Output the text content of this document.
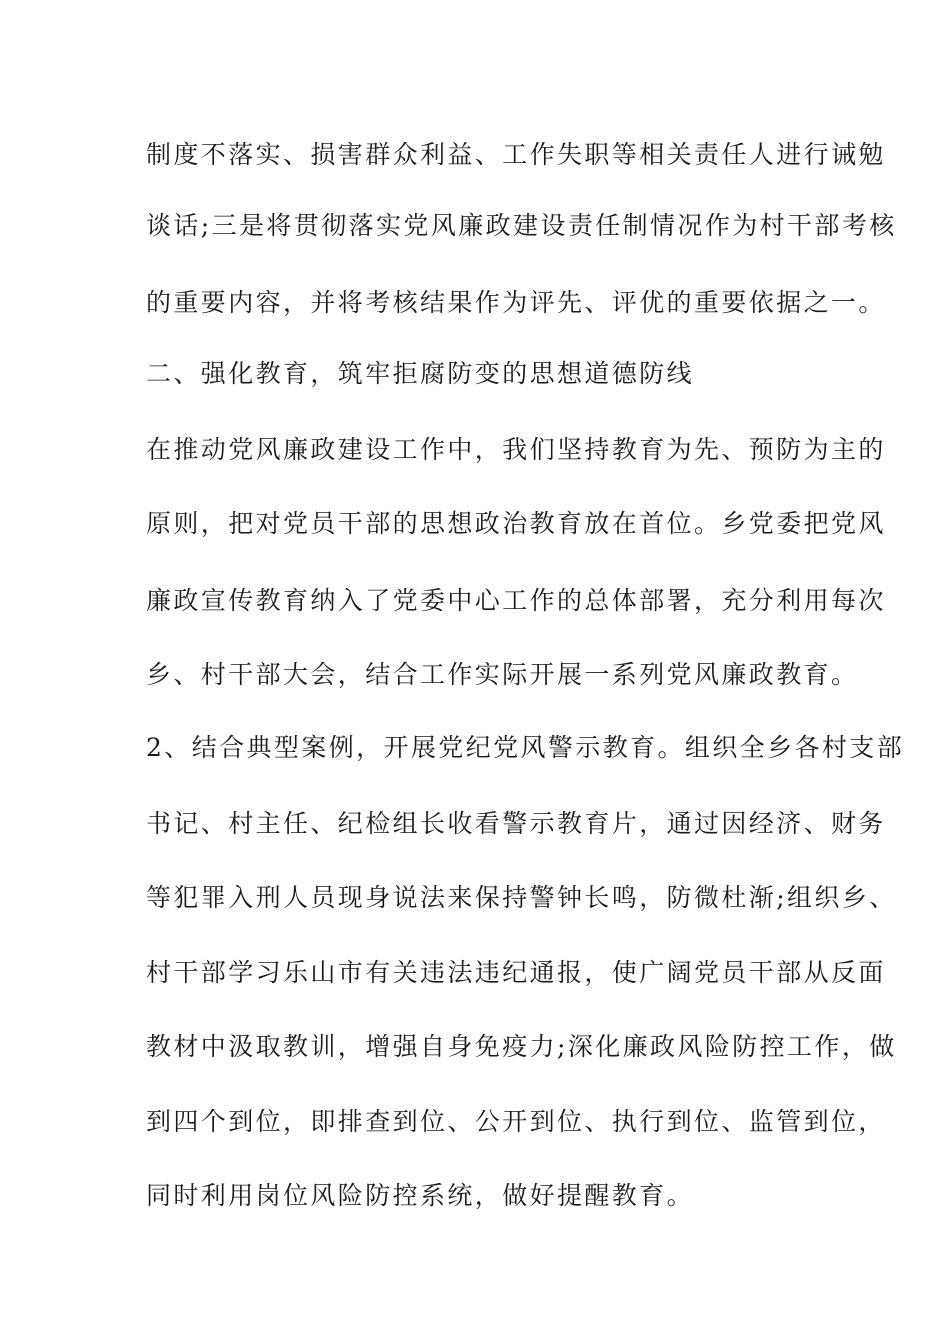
制度不落实、损害群众利益、工作失职等相关责任人进行诫勉
谈话;三是将贯彻落实党风廉政建设责任制情况作为村干部考核
的重要内容，并将考核结果作为评先、评优的重要依据之一。
二、强化教育，筑牢拒腐防变的思想道德防线
在推动党风廉政建设工作中，我们坚持教育为先、预防为主的
原则，把对党员干部的思想政治教育放在首位。乡党委把党风
廉政宣传教育纳入了党委中心工作的总体部署，充分利用每次
乡、村干部大会，结合工作实际开展一系列党风廉政教育。
2、结合典型案例，开展党纪党风警示教育。组织全乡各村支部
书记、村主任、纪检组长收看警示教育片，通过因经济、财务
等犯罪入刑人员现身说法来保持警钟长鸣，防微杜渐;组织乡、
村干部学习乐山市有关违法违纪通报，使广阔党员干部从反面
教材中汲取教训，增强自身免疫力;深化廉政风险防控工作，做
到四个到位，即排查到位、公开到位、执行到位、监管到位，
同时利用岗位风险防控系统，做好提醒教育。
